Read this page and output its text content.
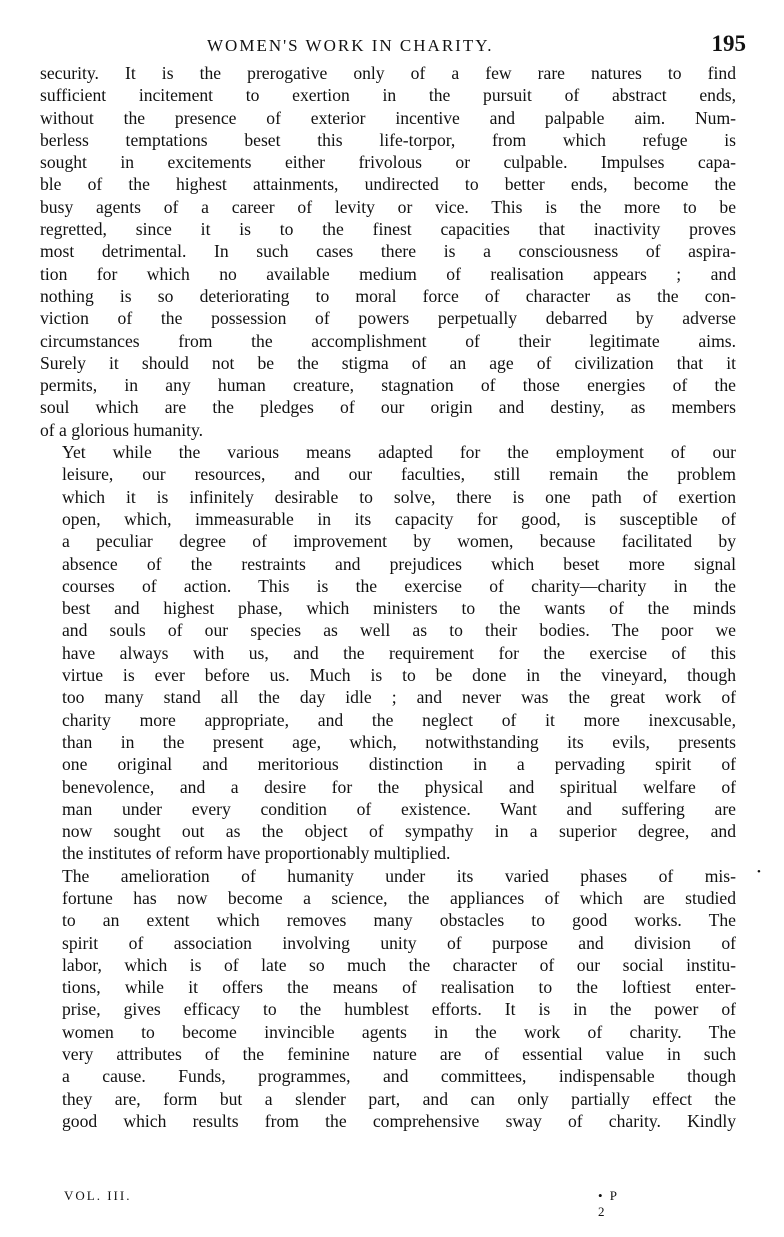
WOMEN'S WORK IN CHARITY.	195

security. It is the prerogative only of a few rare natures to find
sufficient incitement to exertion in the pursuit of abstract ends,
without the presence of exterior incentive and palpable aim. Num-
berless temptations beset this life-torpor, from which refuge is
sought in excitements either frivolous or culpable. Impulses capa-
ble of the highest attainments, undirected to better ends, become the
busy agents of a career of levity or vice. This is the more to be
regretted, since it is to the finest capacities that inactivity proves
most detrimental. In such cases there is a consciousness of aspira-
tion for which no available medium of realisation appears ; and
nothing is so deteriorating to moral force of character as the con-
viction of the possession of powers perpetually debarred by adverse
circumstances from the accomplishment of their legitimate aims.
Surely it should not be the stigma of an age of civilization that it
permits, in any human creature, stagnation of those energies of the
soul which are the pledges of our origin and destiny, as members
of a glorious humanity.

Yet while the various means adapted for the employment of our
leisure, our resources, and our faculties, still remain the problem
which it is infinitely desirable to solve, there is one path of exertion
open, which, immeasurable in its capacity for good, is susceptible of
a peculiar degree of improvement by women, because facilitated by
absence of the restraints and prejudices which beset more signal
courses of action. This is the exercise of charity—charity in the
best and highest phase, which ministers to the wants of the minds
and souls of our species as well as to their bodies. The poor we
have always with us, and the requirement for the exercise of this
virtue is ever before us. Much is to be done in the vineyard, though
too many stand all the day idle ; and never was the great work of
charity more appropriate, and the neglect of it more inexcusable,
than in the present age, which, notwithstanding its evils, presents
one original and meritorious distinction in a pervading spirit of
benevolence, and a desire for the physical and spiritual welfare of
man under every condition of existence. Want and suffering are
now sought out as the object of sympathy in a superior degree, and
the institutes of reform have proportionably multiplied.

The amelioration of humanity under its varied phases of mis-
fortune has now become a science, the appliances of which are studied
to an extent which removes many obstacles to good works. The
spirit of association involving unity of purpose and division of
labor, which is of late so much the character of our social institu-
tions, while it offers the means of realisation to the loftiest enter-
prise, gives efficacy to the humblest efforts. It is in the power of
women to become invincible agents in the work of charity. The
very attributes of the feminine nature are of essential value in such
a cause. Funds, programmes, and committees, indispensable though
they are, form but a slender part, and can only partially effect the
good which results from the comprehensive sway of charity. Kindly

VOL. III.	• P 2
•
